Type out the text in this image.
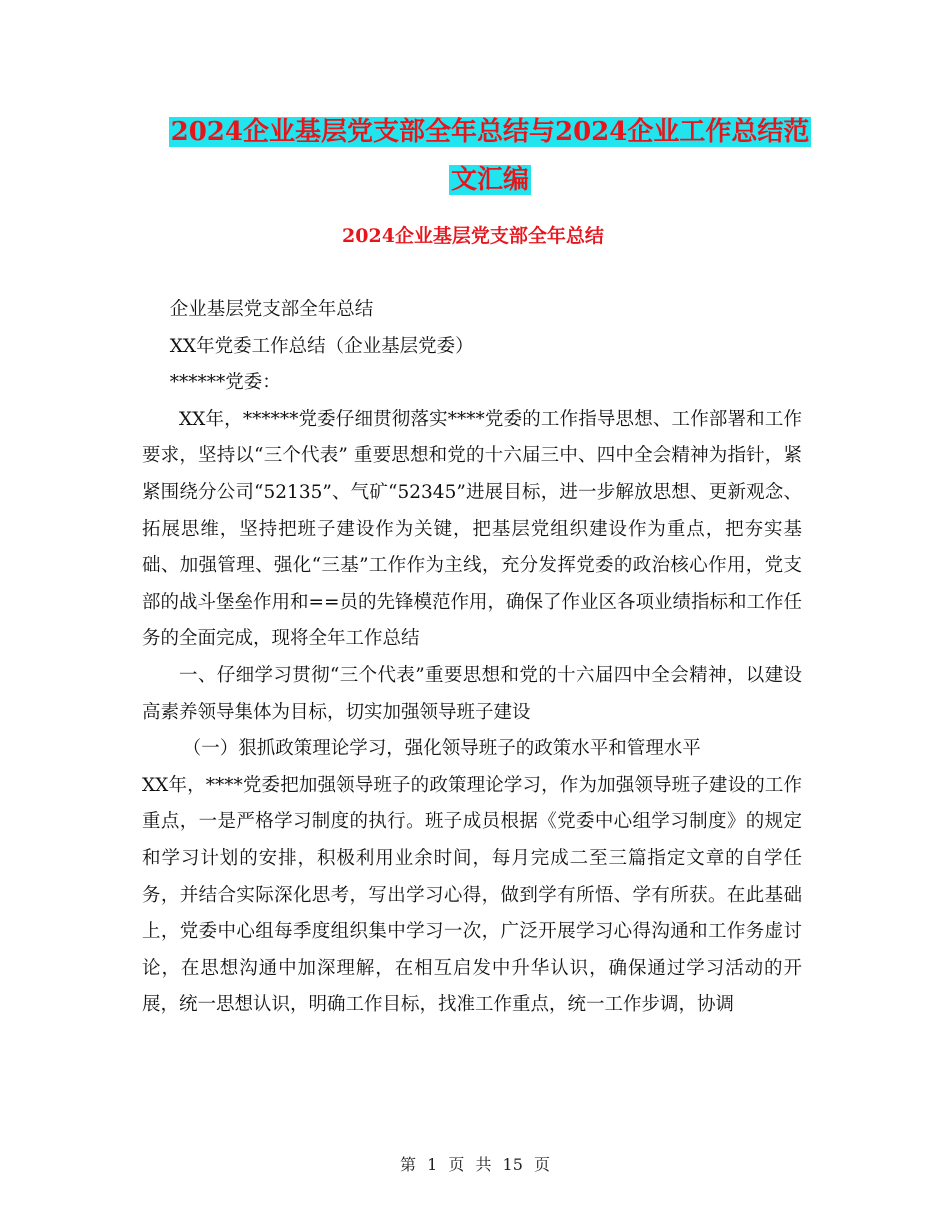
2024企业基层党支部全年总结与2024企业工作总结范
文汇编
2024企业基层党支部全年总结

企业基层党支部全年总结

XX年党委工作总结（企业基层党委）

******党委：

XX年，******党委仔细贯彻落实****党委的工作指导思想、工作部署和工作要求，坚持以“三个代表” 重要思想和党的十六届三中、四中全会精神为指针，紧紧围绕分公司“52135”、气矿“52345”进展目标，进一步解放思想、更新观念、拓展思维，坚持把班子建设作为关键，把基层党组织建设作为重点，把夯实基础、加强管理、强化“三基”工作作为主线，充分发挥党委的政治核心作用，党支部的战斗堡垒作用和==员的先锋模范作用，确保了作业区各项业绩指标和工作任务的全面完成，现将全年工作总结

一、仔细学习贯彻“三个代表”重要思想和党的十六届四中全会精神，以建设高素养领导集体为目标，切实加强领导班子建设

（一）狠抓政策理论学习，强化领导班子的政策水平和管理水平

XX年，****党委把加强领导班子的政策理论学习，作为加强领导班子建设的工作重点，一是严格学习制度的执行。班子成员根据《党委中心组学习制度》的规定和学习计划的安排，积极利用业余时间，每月完成二至三篇指定文章的自学任务，并结合实际深化思考，写出学习心得，做到学有所悟、学有所获。在此基础上，党委中心组每季度组织集中学习一次，广泛开展学习心得沟通和工作务虚讨论，在思想沟通中加深理解，在相互启发中升华认识，确保通过学习活动的开展，统一思想认识，明确工作目标，找准工作重点，统一工作步调，协调

第 1 页 共 15 页
